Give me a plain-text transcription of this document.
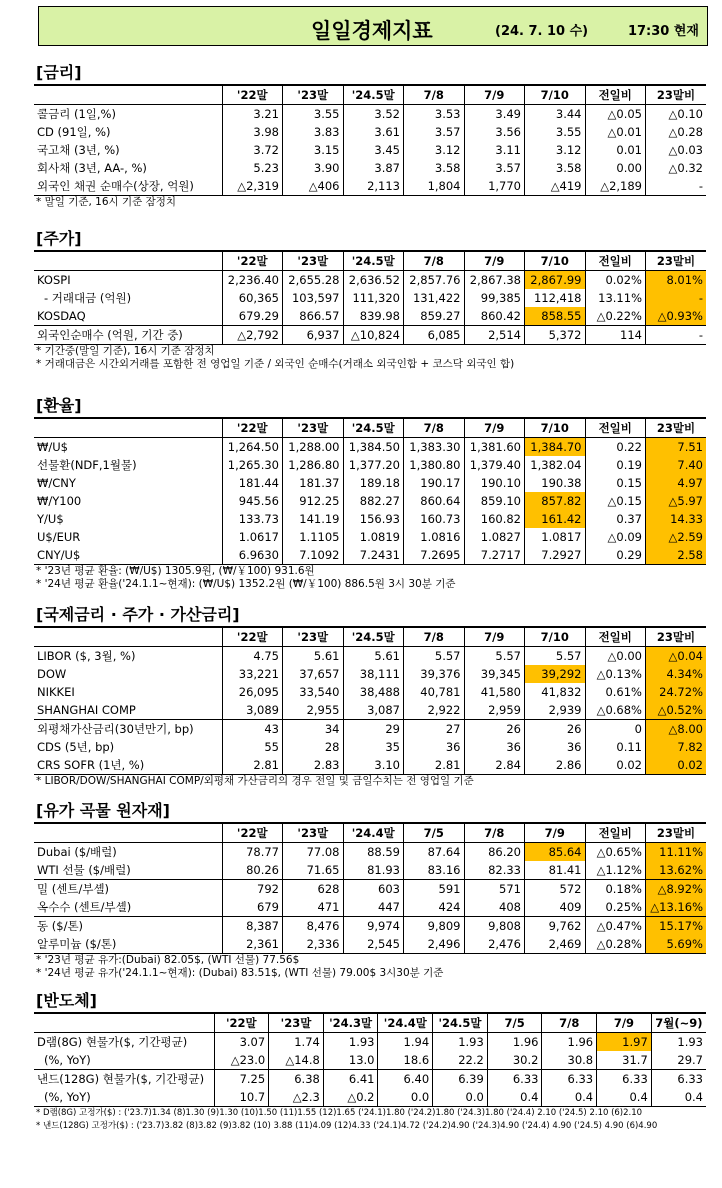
일일경제지표	(24. 7. 10 수)	17:30 현재
[금리]
	'22말	'23말	'24.5말	7/8	7/9	7/10	전일비	23말비
콜금리 (1일,%)	3.21	3.55	3.52	3.53	3.49	3.44	△0.05	△0.10
CD (91일, %)	3.98	3.83	3.61	3.57	3.56	3.55	△0.01	△0.28
국고채 (3년, %)	3.72	3.15	3.45	3.12	3.11	3.12	0.01	△0.03
회사채 (3년, AA-, %)	5.23	3.90	3.87	3.58	3.57	3.58	0.00	△0.32
외국인 채권 순매수(상장, 억원)	△2,319	△406	2,113	1,804	1,770	△419	△2,189	-
* 말일 기준, 16시 기준 잠정치
[주가]
	'22말	'23말	'24.5말	7/8	7/9	7/10	전일비	23말비
KOSPI	2,236.40	2,655.28	2,636.52	2,857.76	2,867.38	2,867.99	0.02%	8.01%
- 거래대금 (억원)	60,365	103,597	111,320	131,422	99,385	112,418	13.11%	-
KOSDAQ	679.29	866.57	839.98	859.27	860.42	858.55	△0.22%	△0.93%
외국인순매수 (억원, 기간 중)	△2,792	6,937	△10,824	6,085	2,514	5,372	114	-
* 기간중(말일 기준), 16시 기준 잠정치
* 거래대금은 시간외거래를 포함한 전 영업일 기준 / 외국인 순매수(거래소 외국인합 + 코스닥 외국인 합)
[환율]
	'22말	'23말	'24.5말	7/8	7/9	7/10	전일비	23말비
₩/U$	1,264.50	1,288.00	1,384.50	1,383.30	1,381.60	1,384.70	0.22	7.51
선물환(NDF,1월물)	1,265.30	1,286.80	1,377.20	1,380.80	1,379.40	1,382.04	0.19	7.40
₩/CNY	181.44	181.37	189.18	190.17	190.10	190.38	0.15	4.97
₩/Y100	945.56	912.25	882.27	860.64	859.10	857.82	△0.15	△5.97
Y/U$	133.73	141.19	156.93	160.73	160.82	161.42	0.37	14.33
U$/EUR	1.0617	1.1105	1.0819	1.0816	1.0827	1.0817	△0.09	△2.59
CNY/U$	6.9630	7.1092	7.2431	7.2695	7.2717	7.2927	0.29	2.58
* '23년 평균 환율: (₩/U$) 1305.9원, (₩/￥100) 931.6원
* '24년 평균 환율('24.1.1~현재): (₩/U$) 1352.2원 (₩/￥100) 886.5원 3시 30분 기준
[국제금리 · 주가 · 가산금리]
	'22말	'23말	'24.5말	7/8	7/9	7/10	전일비	23말비
LIBOR ($, 3월, %)	4.75	5.61	5.61	5.57	5.57	5.57	△0.00	△0.04
DOW	33,221	37,657	38,111	39,376	39,345	39,292	△0.13%	4.34%
NIKKEI	26,095	33,540	38,488	40,781	41,580	41,832	0.61%	24.72%
SHANGHAI COMP	3,089	2,955	3,087	2,922	2,959	2,939	△0.68%	△0.52%
외평채가산금리(30년만기, bp)	43	34	29	27	26	26	0	△8.00
CDS (5년, bp)	55	28	35	36	36	36	0.11	7.82
CRS SOFR (1년, %)	2.81	2.83	3.10	2.81	2.84	2.86	0.02	0.02
* LIBOR/DOW/SHANGHAI COMP/외평채 가산금리의 경우 전일 및 금일수치는 전 영업일 기준
[유가 곡물 원자재]
	'22말	'23말	'24.4말	7/5	7/8	7/9	전일비	23말비
Dubai ($/배럴)	78.77	77.08	88.59	87.64	86.20	85.64	△0.65%	11.11%
WTI 선물 ($/배럴)	80.26	71.65	81.93	83.16	82.33	81.41	△1.12%	13.62%
밀 (센트/부셸)	792	628	603	591	571	572	0.18%	△8.92%
옥수수 (센트/부셸)	679	471	447	424	408	409	0.25%	△13.16%
동 ($/톤)	8,387	8,476	9,974	9,809	9,808	9,762	△0.47%	15.17%
알루미늄 ($/톤)	2,361	2,336	2,545	2,496	2,476	2,469	△0.28%	5.69%
* '23년 평균 유가:(Dubai) 82.05$, (WTI 선물) 77.56$
* '24년 평균 유가('24.1.1~현재): (Dubai) 83.51$, (WTI 선물) 79.00$ 3시30분 기준
[반도체]
	'22말	'23말	'24.3말	'24.4말	'24.5말	7/5	7/8	7/9	7월(~9)
D램(8G) 현물가($, 기간평균)	3.07	1.74	1.93	1.94	1.93	1.96	1.96	1.97	1.93
(%, YoY)	△23.0	△14.8	13.0	18.6	22.2	30.2	30.8	31.7	29.7
낸드(128G) 현물가($, 기간평균)	7.25	6.38	6.41	6.40	6.39	6.33	6.33	6.33	6.33
(%, YoY)	10.7	△2.3	△0.2	0.0	0.0	0.4	0.4	0.4	0.4
* D램(8G) 고정가($) : ('23.7)1.34 (8)1.30 (9)1.30 (10)1.50 (11)1.55 (12)1.65 ('24.1)1.80 ('24.2)1.80 ('24.3)1.80 ('24.4) 2.10 ('24.5) 2.10 (6)2.10
* 낸드(128G) 고정가($) : ('23.7)3.82 (8)3.82 (9)3.82 (10) 3.88 (11)4.09 (12)4.33 ('24.1)4.72 ('24.2)4.90 ('24.3)4.90 ('24.4) 4.90 ('24.5) 4.90 (6)4.90
